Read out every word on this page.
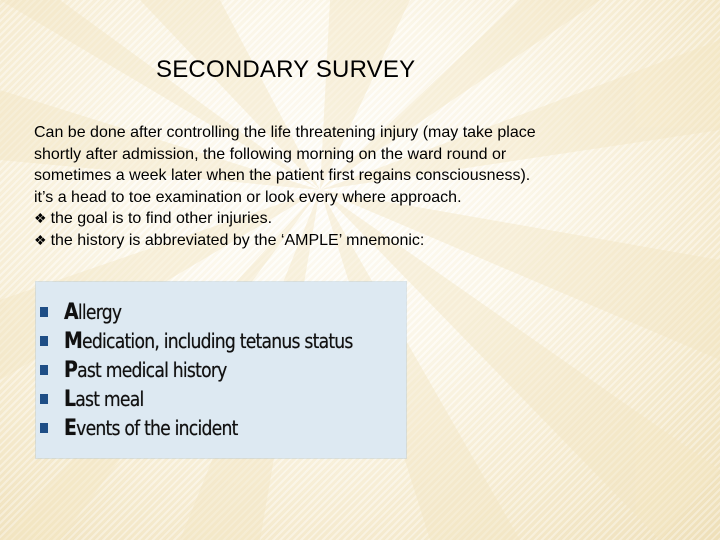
SECONDARY SURVEY
Can be done after controlling the life threatening injury (may take place
shortly after admission, the following morning on the ward round or
sometimes a week later when the patient first regains consciousness).
it’s a head to toe examination or look every where approach.
❖ the goal is to find other injuries.
❖ the history is abbreviated by the ‘AMPLE’ mnemonic:
Allergy
Medication, including tetanus status
Past medical history
Last meal
Events of the incident
